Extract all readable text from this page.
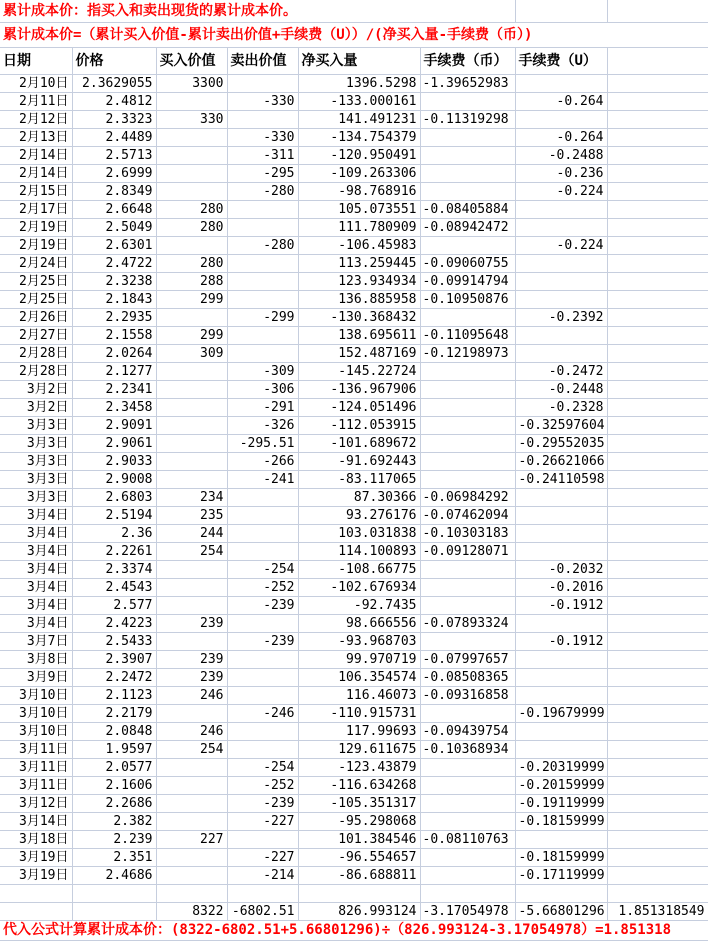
累计成本价：指买入和卖出现货的累计成本价。							
累计成本价=（累计买入价值-累计卖出价值+手续费（U））/(净买入量-手续费（币）)							
日期	价格	买入价值	卖出价值	净买入量	手续费（币）	手续费（U）	
2月10日	2.3629055	3300		1396.5298	-1.39652983		
2月11日	2.4812		-330	-133.000161		-0.264	
2月12日	2.3323	330		141.491231	-0.11319298		
2月13日	2.4489		-330	-134.754379		-0.264	
2月14日	2.5713		-311	-120.950491		-0.2488	
2月14日	2.6999		-295	-109.263306		-0.236	
2月15日	2.8349		-280	-98.768916		-0.224	
2月17日	2.6648	280		105.073551	-0.08405884		
2月19日	2.5049	280		111.780909	-0.08942472		
2月19日	2.6301		-280	-106.45983		-0.224	
2月24日	2.4722	280		113.259445	-0.09060755		
2月25日	2.3238	288		123.934934	-0.09914794		
2月25日	2.1843	299		136.885958	-0.10950876		
2月26日	2.2935		-299	-130.368432		-0.2392	
2月27日	2.1558	299		138.695611	-0.11095648		
2月28日	2.0264	309		152.487169	-0.12198973		
2月28日	2.1277		-309	-145.22724		-0.2472	
3月2日	2.2341		-306	-136.967906		-0.2448	
3月2日	2.3458		-291	-124.051496		-0.2328	
3月3日	2.9091		-326	-112.053915		-0.32597604	
3月3日	2.9061		-295.51	-101.689672		-0.29552035	
3月3日	2.9033		-266	-91.692443		-0.26621066	
3月3日	2.9008		-241	-83.117065		-0.24110598	
3月3日	2.6803	234		87.30366	-0.06984292		
3月4日	2.5194	235		93.276176	-0.07462094		
3月4日	2.36	244		103.031838	-0.10303183		
3月4日	2.2261	254		114.100893	-0.09128071		
3月4日	2.3374		-254	-108.66775		-0.2032	
3月4日	2.4543		-252	-102.676934		-0.2016	
3月4日	2.577		-239	-92.7435		-0.1912	
3月4日	2.4223	239		98.666556	-0.07893324		
3月7日	2.5433		-239	-93.968703		-0.1912	
3月8日	2.3907	239		99.970719	-0.07997657		
3月9日	2.2472	239		106.354574	-0.08508365		
3月10日	2.1123	246		116.46073	-0.09316858		
3月10日	2.2179		-246	-110.915731		-0.19679999	
3月10日	2.0848	246		117.99693	-0.09439754		
3月11日	1.9597	254		129.611675	-0.10368934		
3月11日	2.0577		-254	-123.43879		-0.20319999	
3月11日	2.1606		-252	-116.634268		-0.20159999	
3月12日	2.2686		-239	-105.351317		-0.19119999	
3月14日	2.382		-227	-95.298068		-0.18159999	
3月18日	2.239	227		101.384546	-0.08110763		
3月19日	2.351		-227	-96.554657		-0.18159999	
3月19日	2.4686		-214	-86.688811		-0.17119999	

		8322	-6802.51	826.993124	-3.17054978	-5.66801296	1.851318549
代入公式计算累计成本价：(8322-6802.51+5.66801296)÷（826.993124-3.17054978）=1.851318							
